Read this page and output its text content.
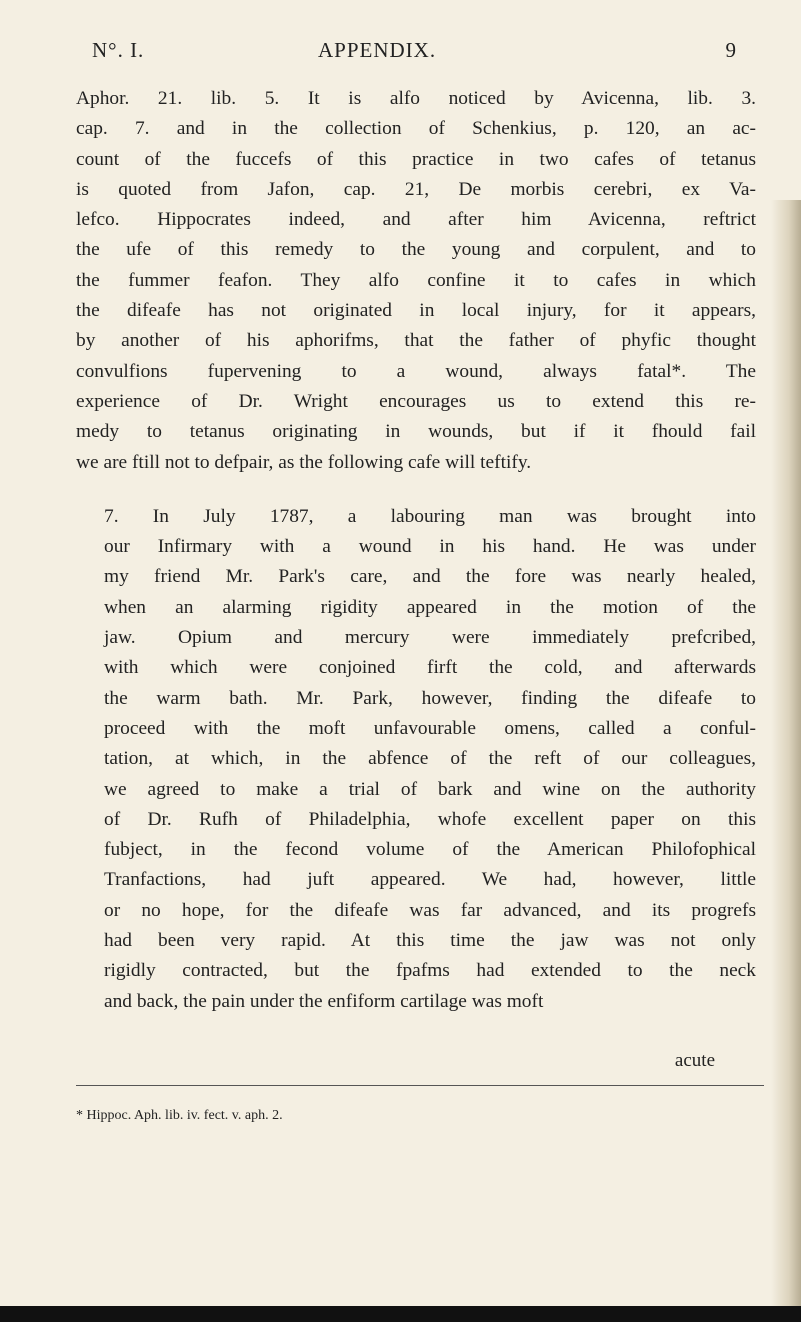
N°. I.	APPENDIX.	9
Aphor. 21. lib. 5. It is alfo noticed by Avicenna, lib. 3.
cap. 7. and in the collection of Schenkius, p. 120, an ac-
count of the fuccefs of this practice in two cafes of tetanus
is quoted from Jafon, cap. 21, De morbis cerebri, ex Va-
lefco. Hippocrates indeed, and after him Avicenna, reftrict
the ufe of this remedy to the young and corpulent, and to
the fummer feafon. They alfo confine it to cafes in which
the difeafe has not originated in local injury, for it appears,
by another of his aphorifms, that the father of phyfic thought
convulfions fupervening to a wound, always fatal*. The
experience of Dr. Wright encourages us to extend this re-
medy to tetanus originating in wounds, but if it fhould fail
we are ftill not to defpair, as the following cafe will teftify.
7. In July 1787, a labouring man was brought into
our Infirmary with a wound in his hand. He was under
my friend Mr. Park's care, and the fore was nearly healed,
when an alarming rigidity appeared in the motion of the
jaw. Opium and mercury were immediately prefcribed,
with which were conjoined firft the cold, and afterwards
the warm bath. Mr. Park, however, finding the difeafe to
proceed with the moft unfavourable omens, called a conful-
tation, at which, in the abfence of the reft of our colleagues,
we agreed to make a trial of bark and wine on the authority
of Dr. Rufh of Philadelphia, whofe excellent paper on this
fubject, in the fecond volume of the American Philofophical
Tranfactions, had juft appeared. We had, however, little
or no hope, for the difeafe was far advanced, and its progrefs
had been very rapid. At this time the jaw was not only
rigidly contracted, but the fpafms had extended to the neck
and back, the pain under the enfiform cartilage was moft
acute
* Hippoc. Aph. lib. iv. fect. v. aph. 2.
